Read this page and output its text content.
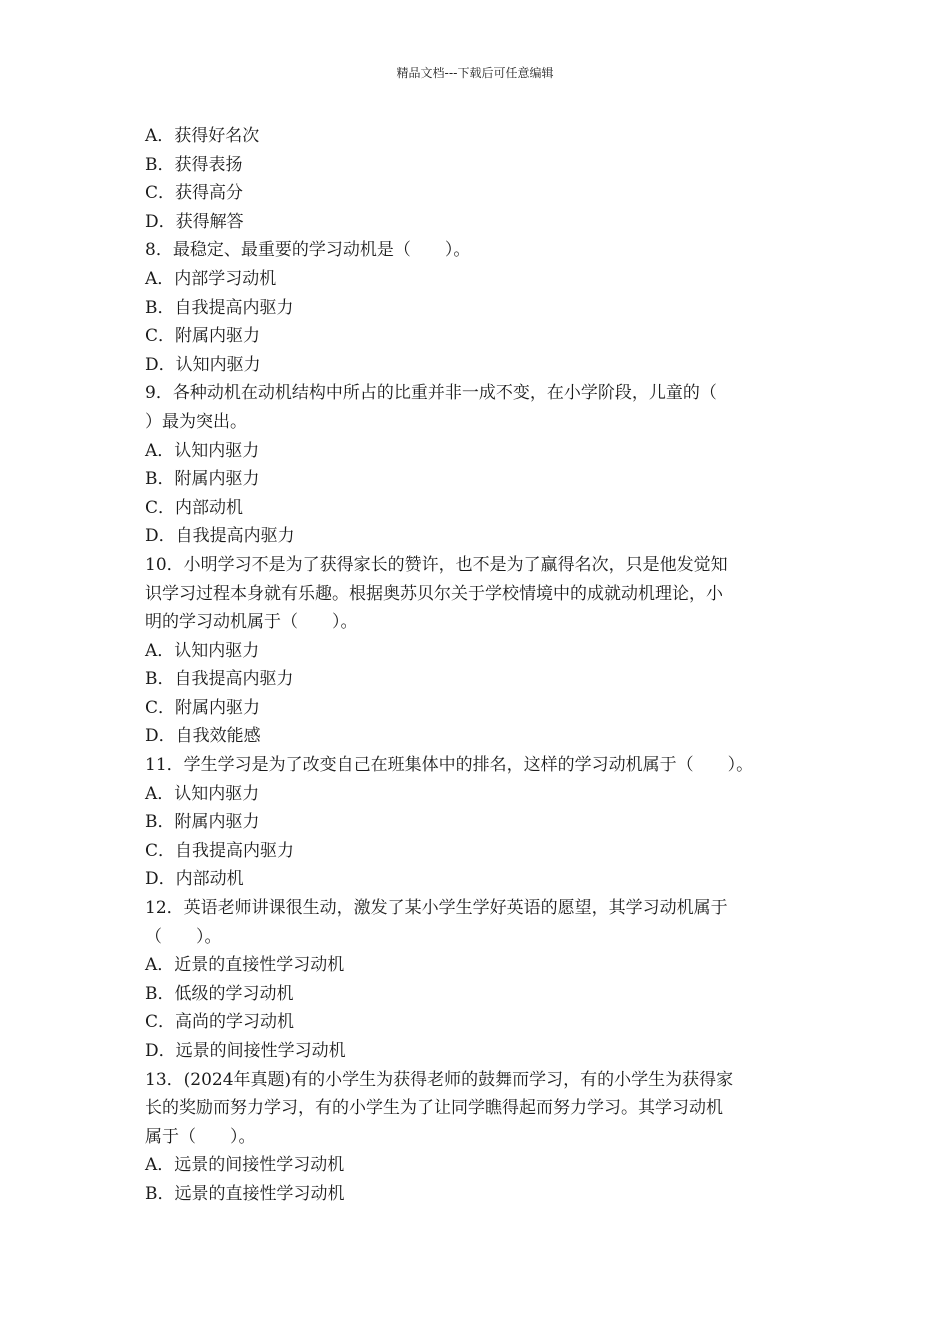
精品文档---下载后可任意编辑
A．获得好名次
B．获得表扬
C．获得高分
D．获得解答
8．最稳定、最重要的学习动机是（　　）。
A．内部学习动机
B．自我提高内驱力
C．附属内驱力
D．认知内驱力
9．各种动机在动机结构中所占的比重并非一成不变，在小学阶段，儿童的（
）最为突出。
A．认知内驱力
B．附属内驱力
C．内部动机
D．自我提高内驱力
10．小明学习不是为了获得家长的赞许，也不是为了赢得名次，只是他发觉知
识学习过程本身就有乐趣。根据奥苏贝尔关于学校情境中的成就动机理论，小
明的学习动机属于（　　）。
A．认知内驱力
B．自我提高内驱力
C．附属内驱力
D．自我效能感
11．学生学习是为了改变自己在班集体中的排名，这样的学习动机属于（　　）。
A．认知内驱力
B．附属内驱力
C．自我提高内驱力
D．内部动机
12．英语老师讲课很生动，激发了某小学生学好英语的愿望，其学习动机属于
（　　）。
A．近景的直接性学习动机
B．低级的学习动机
C．高尚的学习动机
D．远景的间接性学习动机
13．(2024年真题)有的小学生为获得老师的鼓舞而学习，有的小学生为获得家
长的奖励而努力学习，有的小学生为了让同学瞧得起而努力学习。其学习动机
属于（　　）。
A．远景的间接性学习动机
B．远景的直接性学习动机
